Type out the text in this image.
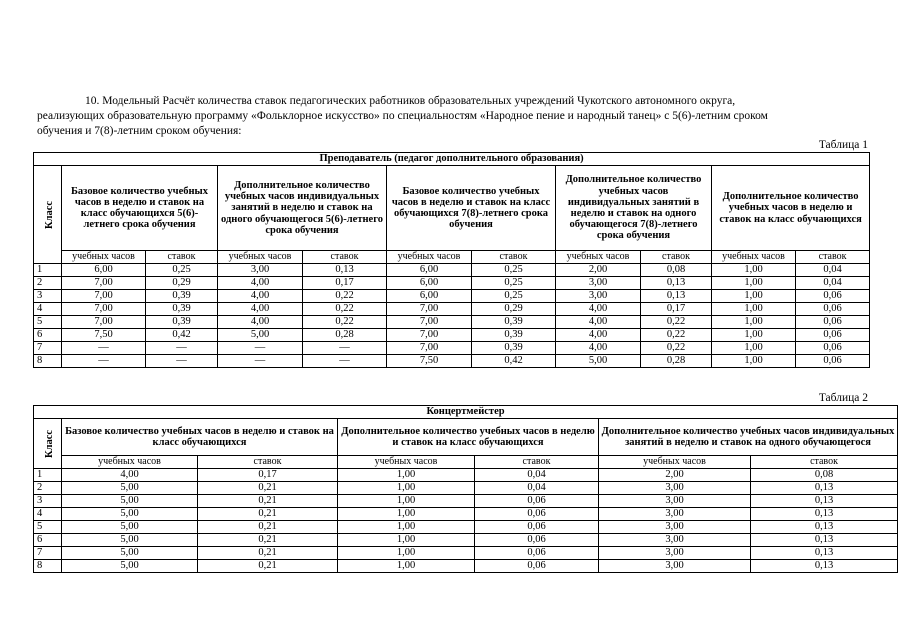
10. Модельный Расчёт количества ставок педагогических работников образовательных учреждений Чукотского автономного округа,
реализующих образовательную программу «Фольклорное искусство» по специальностям «Народное пение и народный танец» с 5(6)-летним сроком
обучения и 7(8)-летним сроком обучения:
Таблица 1
Преподаватель (педагог дополнительного образования)										
Класс	Базовое количество учебных часов в неделю и ставок на класс обучающихся 5(6)-летнего срока обучения		Дополнительное количество учебных часов индивидуальных занятий в неделю и ставок на одного обучающегося 5(6)-летнего срока обучения		Базовое количество учебных часов в неделю и ставок на класс обучающихся 7(8)-летнего срока обучения		Дополнительное количество учебных часов индивидуальных занятий в неделю и ставок на одного обучающегося 7(8)-летнего срока обучения		Дополнительное количество учебных часов в неделю и ставок на класс обучающихся	
	учебных часов	ставок	учебных часов	ставок	учебных часов	ставок	учебных часов	ставок	учебных часов	ставок
1	6,00	0,25	3,00	0,13	6,00	0,25	2,00	0,08	1,00	0,04
2	7,00	0,29	4,00	0,17	6,00	0,25	3,00	0,13	1,00	0,04
3	7,00	0,39	4,00	0,22	6,00	0,25	3,00	0,13	1,00	0,06
4	7,00	0,39	4,00	0,22	7,00	0,29	4,00	0,17	1,00	0,06
5	7,00	0,39	4,00	0,22	7,00	0,39	4,00	0,22	1,00	0,06
6	7,50	0,42	5,00	0,28	7,00	0,39	4,00	0,22	1,00	0,06
7	—	—	—	—	7,00	0,39	4,00	0,22	1,00	0,06
8	—	—	—	—	7,50	0,42	5,00	0,28	1,00	0,06
Таблица 2
Концертмейстер						
Класс	Базовое количество учебных часов в неделю и ставок на класс обучающихся		Дополнительное количество учебных часов в неделю и ставок на класс обучающихся		Дополнительное количество учебных часов индивидуальных занятий в неделю и ставок на одного обучающегося	
	учебных часов	ставок	учебных часов	ставок	учебных часов	ставок
1	4,00	0,17	1,00	0,04	2,00	0,08
2	5,00	0,21	1,00	0,04	3,00	0,13
3	5,00	0,21	1,00	0,06	3,00	0,13
4	5,00	0,21	1,00	0,06	3,00	0,13
5	5,00	0,21	1,00	0,06	3,00	0,13
6	5,00	0,21	1,00	0,06	3,00	0,13
7	5,00	0,21	1,00	0,06	3,00	0,13
8	5,00	0,21	1,00	0,06	3,00	0,13
